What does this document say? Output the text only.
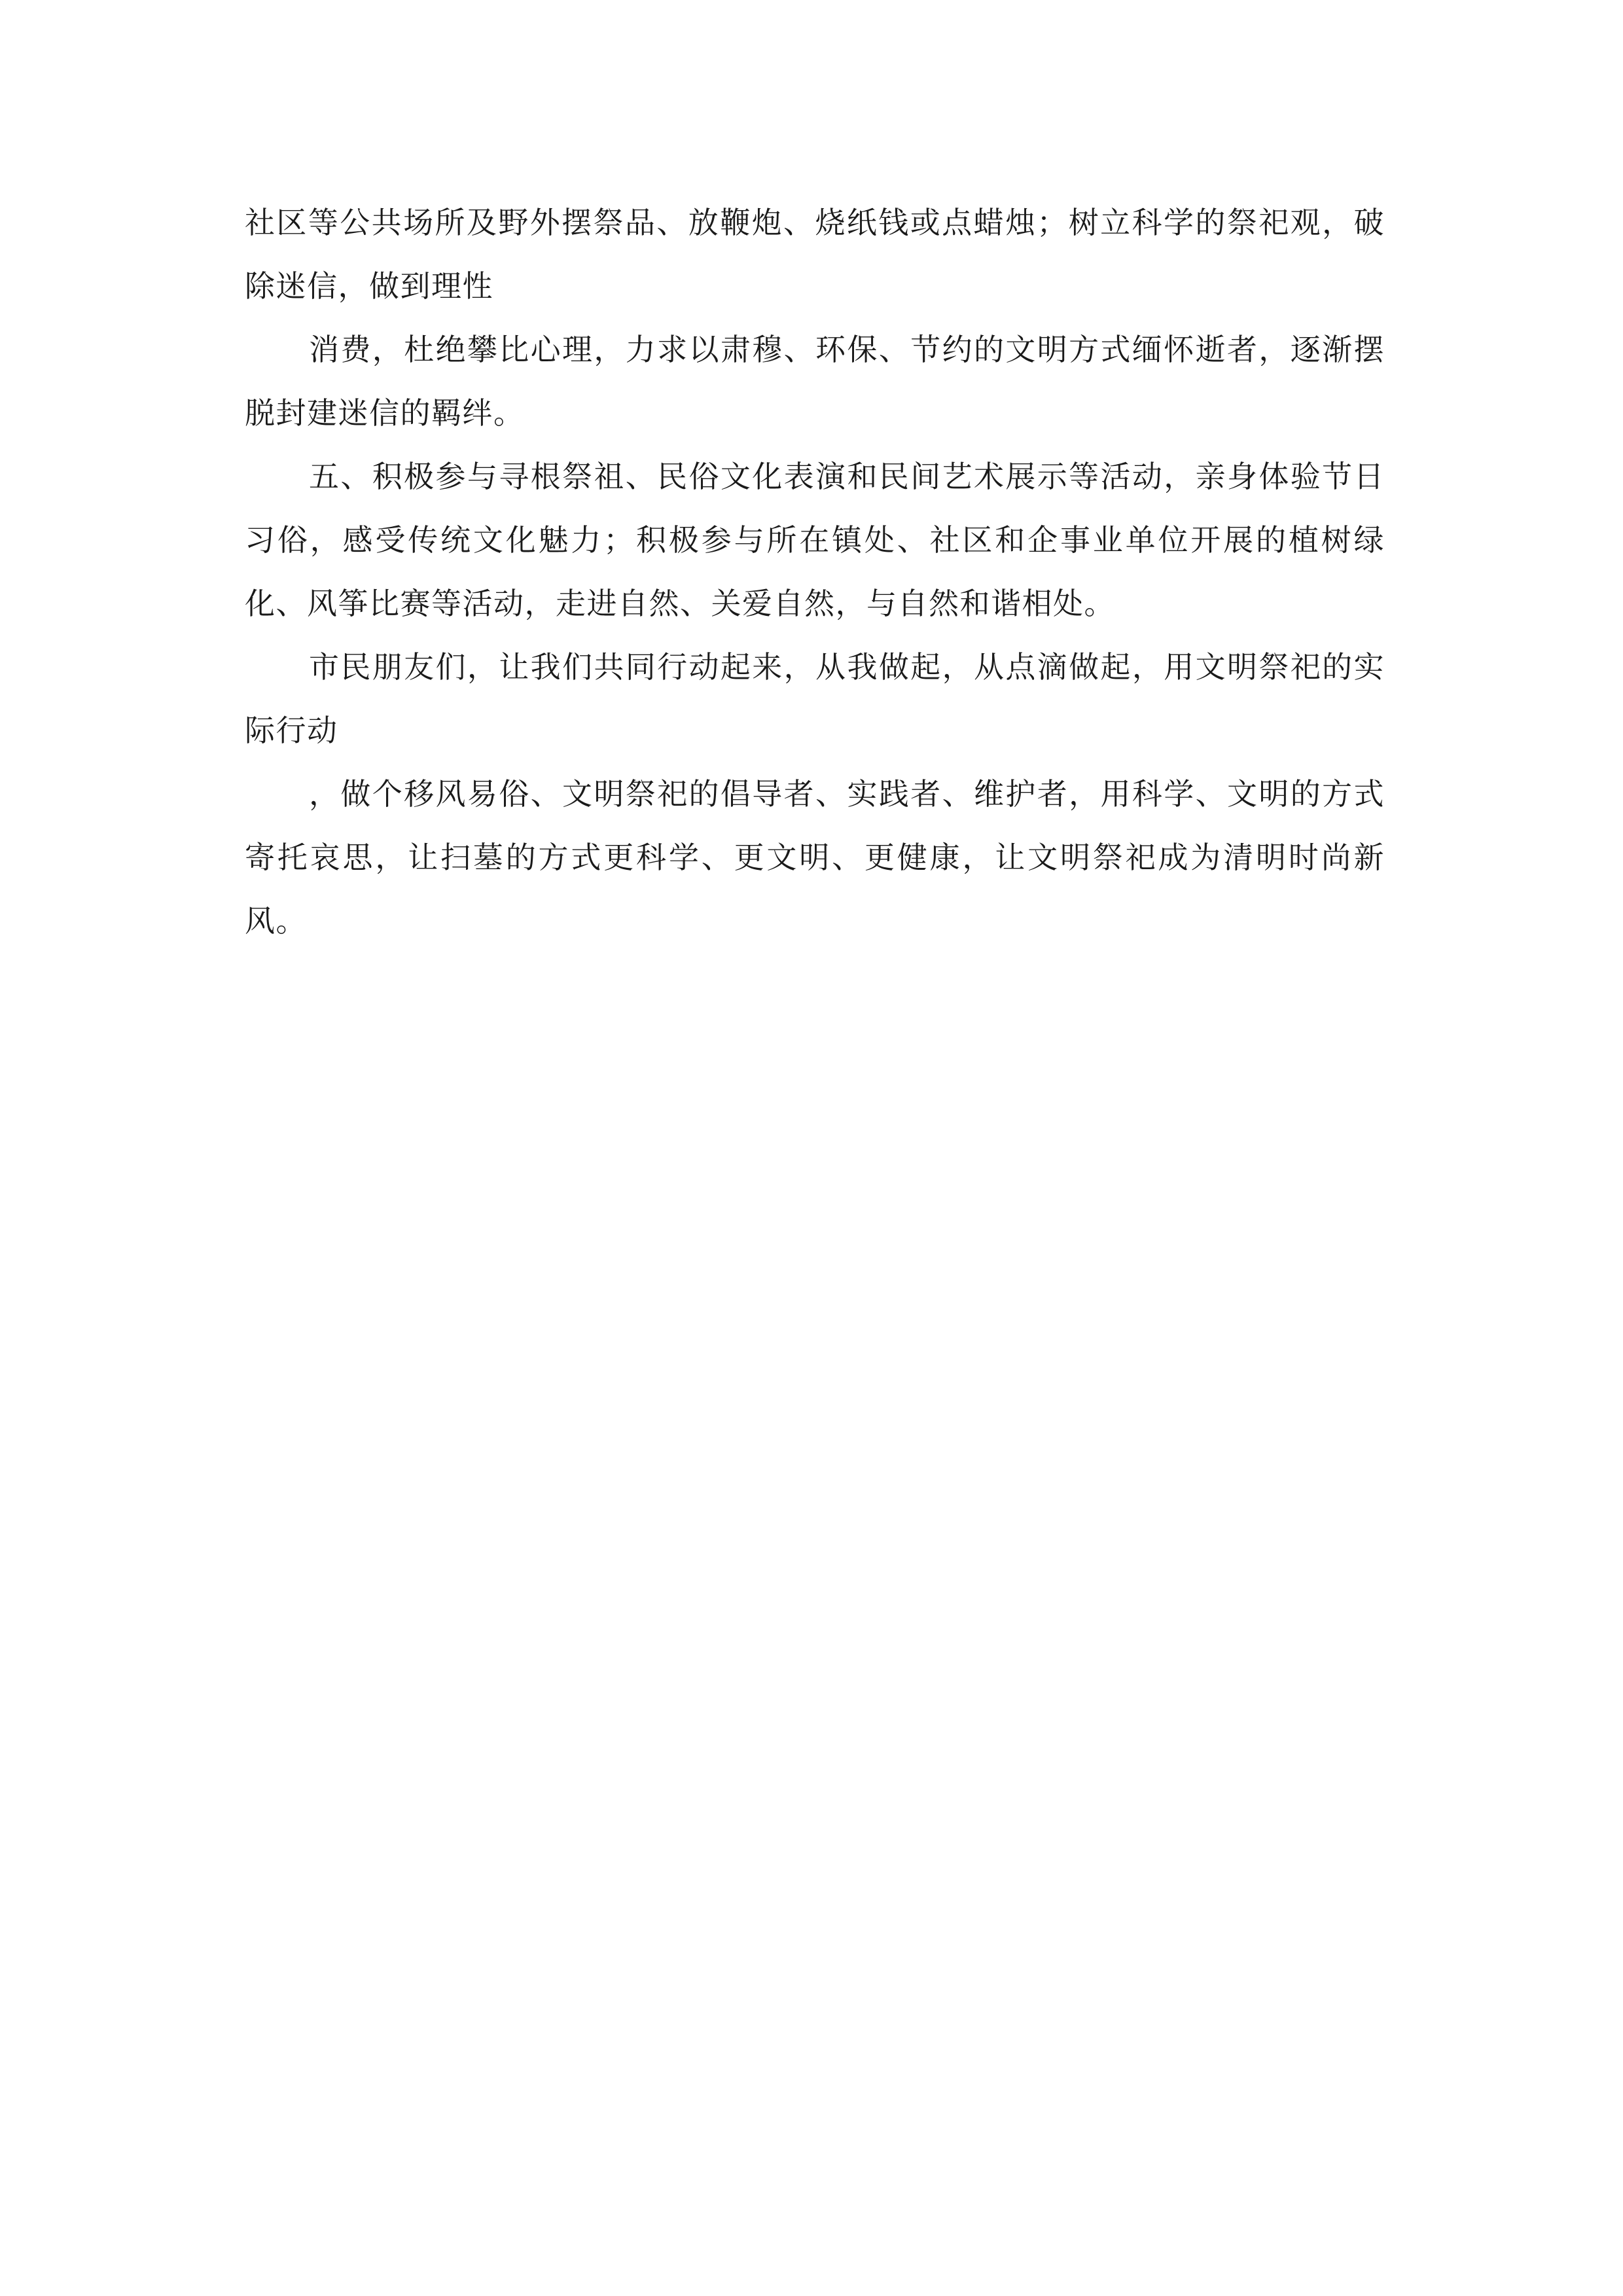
社区等公共场所及野外摆祭品、放鞭炮、烧纸钱或点蜡烛；树立科学的祭祀观，破除迷信，做到理性

消费，杜绝攀比心理，力求以肃穆、环保、节约的文明方式缅怀逝者，逐渐摆脱封建迷信的羁绊。

五、积极参与寻根祭祖、民俗文化表演和民间艺术展示等活动，亲身体验节日习俗，感受传统文化魅力；积极参与所在镇处、社区和企事业单位开展的植树绿化、风筝比赛等活动，走进自然、关爱自然，与自然和谐相处。

市民朋友们，让我们共同行动起来，从我做起，从点滴做起，用文明祭祀的实际行动

，做个移风易俗、文明祭祀的倡导者、实践者、维护者，用科学、文明的方式寄托哀思，让扫墓的方式更科学、更文明、更健康，让文明祭祀成为清明时尚新风。
